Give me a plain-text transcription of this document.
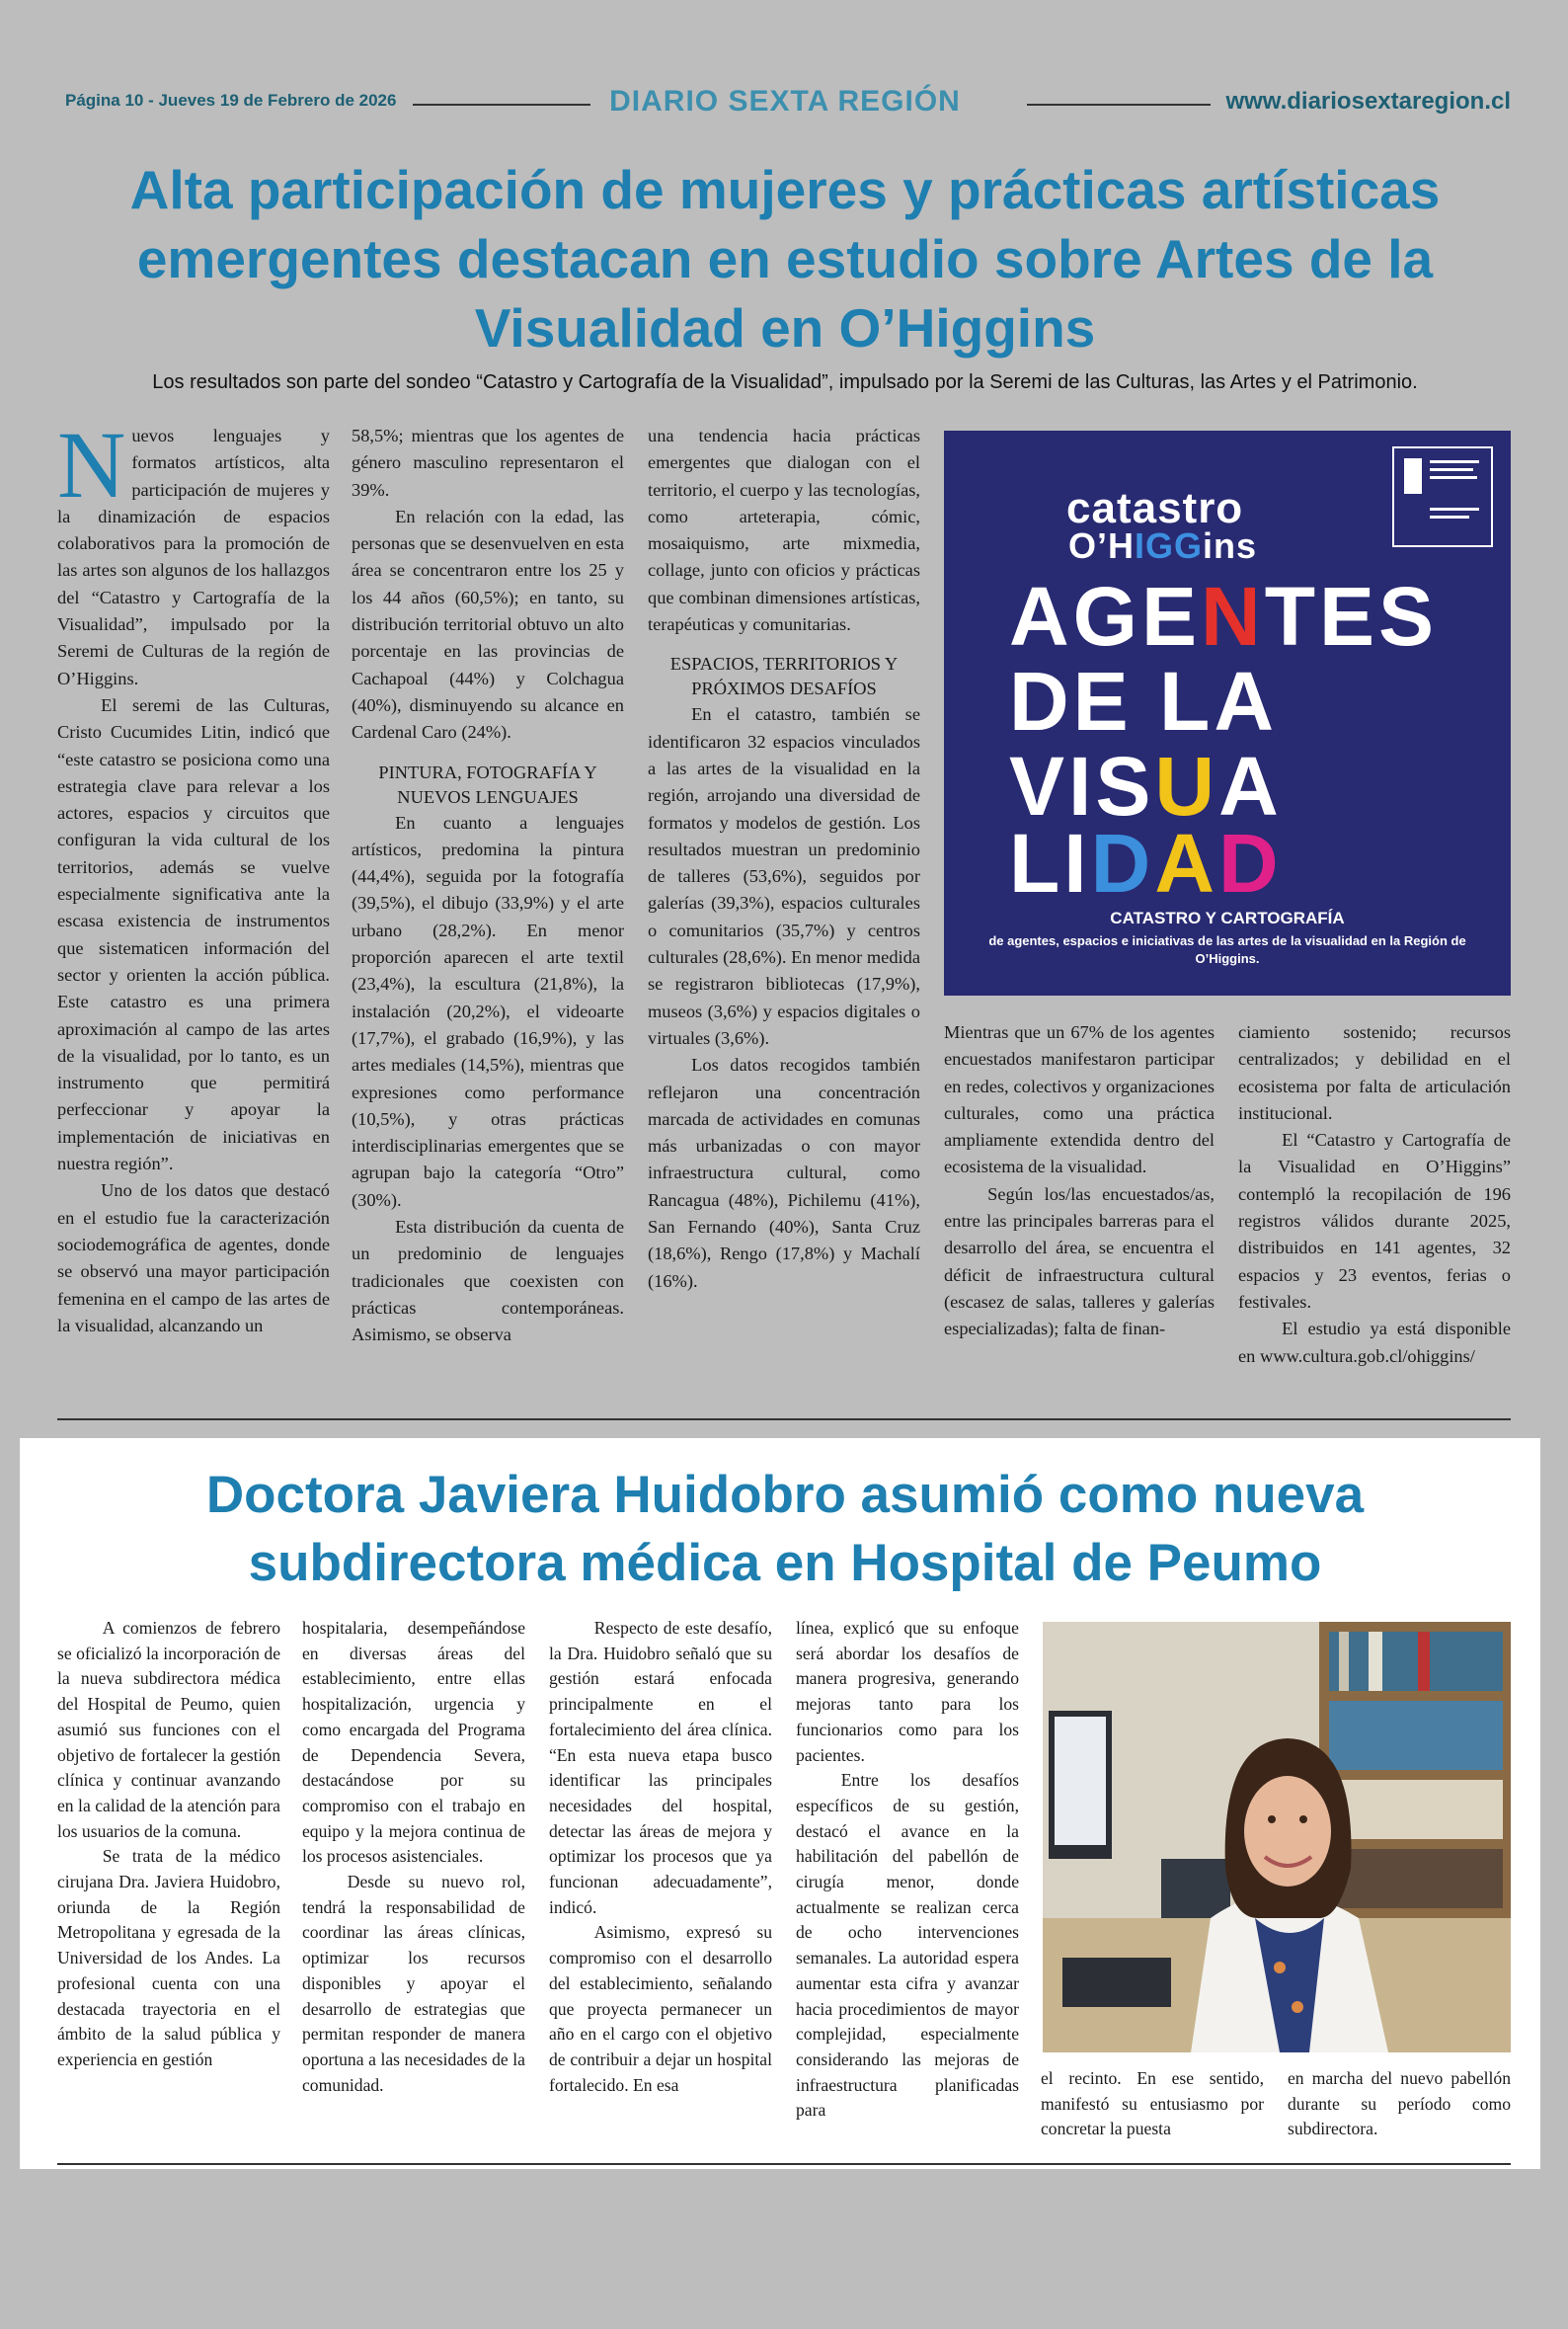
Página 10 - Jueves 19 de Febrero de 2026	DIARIO SEXTA REGIÓN	www.diariosextaregion.cl
Alta participación de mujeres y prácticas artísticas emergentes destacan en estudio sobre Artes de la Visualidad en O’Higgins
Los resultados son parte del sondeo “Catastro y Cartografía de la Visualidad”, impulsado por la Seremi de las Culturas, las Artes y el Patrimonio.

Nuevos lenguajes y formatos artísticos, alta participación de mujeres y la dinamización de espacios colaborativos para la promoción de las artes son algunos de los hallazgos del “Catastro y Cartografía de la Visualidad”, impulsado por la Seremi de Culturas de la región de O’Higgins.

El seremi de las Culturas, Cristo Cucumides Litin, indicó que “este catastro se posiciona como una estrategia clave para relevar a los actores, espacios y circuitos que configuran la vida cultural de los territorios, además se vuelve especialmente significativa ante la escasa existencia de instrumentos que sistematicen información del sector y orienten la acción pública. Este catastro es una primera aproximación al campo de las artes de la visualidad, por lo tanto, es un instrumento que permitirá perfeccionar y apoyar la implementación de iniciativas en nuestra región”.

Uno de los datos que destacó en el estudio fue la caracterización sociodemográfica de agentes, donde se observó una mayor participación femenina en el campo de las artes de la visualidad, alcanzando un

58,5%; mientras que los agentes de género masculino representaron el 39%.

En relación con la edad, las personas que se desenvuelven en esta área se concentraron entre los 25 y los 44 años (60,5%); en tanto, su distribución territorial obtuvo un alto porcentaje en las provincias de Cachapoal (44%) y Colchagua (40%), disminuyendo su alcance en Cardenal Caro (24%).

PINTURA, FOTOGRAFÍA Y NUEVOS LENGUAJES

En cuanto a lenguajes artísticos, predomina la pintura (44,4%), seguida por la fotografía (39,5%), el dibujo (33,9%) y el arte urbano (28,2%). En menor proporción aparecen el arte textil (23,4%), la escultura (21,8%), la instalación (20,2%), el videoarte (17,7%), el grabado (16,9%), y las artes mediales (14,5%), mientras que expresiones como performance (10,5%), y otras prácticas interdisciplinarias emergentes que se agrupan bajo la categoría “Otro” (30%).

Esta distribución da cuenta de un predominio de lenguajes tradicionales que coexisten con prácticas contemporáneas. Asimismo, se observa

una tendencia hacia prácticas emergentes que dialogan con el territorio, el cuerpo y las tecnologías, como arteterapia, cómic, mosaiquismo, arte mixmedia, collage, junto con oficios y prácticas que combinan dimensiones artísticas, terapéuticas y comunitarias.

ESPACIOS, TERRITORIOS Y PRÓXIMOS DESAFÍOS

En el catastro, también se identificaron 32 espacios vinculados a las artes de la visualidad en la región, arrojando una diversidad de formatos y modelos de gestión. Los resultados muestran un predominio de talleres (53,6%), seguidos por galerías (39,3%), espacios culturales o comunitarios (35,7%) y centros culturales (28,6%). En menor medida se registraron bibliotecas (17,9%), museos (3,6%) y espacios digitales o virtuales (3,6%).

Los datos recogidos también reflejaron una concentración marcada de actividades en comunas más urbanizadas o con mayor infraestructura cultural, como Rancagua (48%), Pichilemu (41%), San Fernando (40%), Santa Cruz (18,6%), Rengo (17,8%) y Machalí (16%).

catastro
O’HIGGins
AGENTES
DE LA
VISUA
LIDAD
CATASTRO Y CARTOGRAFÍA
de agentes, espacios e iniciativas de las artes de la visualidad en la Región de O’Higgins.

Mientras que un 67% de los agentes encuestados manifestaron participar en redes, colectivos y organizaciones culturales, como una práctica ampliamente extendida dentro del ecosistema de la visualidad.

Según los/las encuestados/as, entre las principales barreras para el desarrollo del área, se encuentra el déficit de infraestructura cultural (escasez de salas, talleres y galerías especializadas); falta de finan-

ciamiento sostenido; recursos centralizados; y debilidad en el ecosistema por falta de articulación institucional.

El “Catastro y Cartografía de la Visualidad en O’Higgins” contempló la recopilación de 196 registros válidos durante 2025, distribuidos en 141 agentes, 32 espacios y 23 eventos, ferias o festivales.

El estudio ya está disponible en www.cultura.gob.cl/ohiggins/

Doctora Javiera Huidobro asumió como nueva subdirectora médica en Hospital de Peumo

A comienzos de febrero se oficializó la incorporación de la nueva subdirectora médica del Hospital de Peumo, quien asumió sus funciones con el objetivo de fortalecer la gestión clínica y continuar avanzando en la calidad de la atención para los usuarios de la comuna.

Se trata de la médico cirujana Dra. Javiera Huidobro, oriunda de la Región Metropolitana y egresada de la Universidad de los Andes. La profesional cuenta con una destacada trayectoria en el ámbito de la salud pública y experiencia en gestión

hospitalaria, desempeñándose en diversas áreas del establecimiento, entre ellas hospitalización, urgencia y como encargada del Programa de Dependencia Severa, destacándose por su compromiso con el trabajo en equipo y la mejora continua de los procesos asistenciales.

Desde su nuevo rol, tendrá la responsabilidad de coordinar las áreas clínicas, optimizar los recursos disponibles y apoyar el desarrollo de estrategias que permitan responder de manera oportuna a las necesidades de la comunidad.

Respecto de este desafío, la Dra. Huidobro señaló que su gestión estará enfocada principalmente en el fortalecimiento del área clínica. “En esta nueva etapa busco identificar las principales necesidades del hospital, detectar las áreas de mejora y optimizar los procesos que ya funcionan adecuadamente”, indicó.

Asimismo, expresó su compromiso con el desarrollo del establecimiento, señalando que proyecta permanecer un año en el cargo con el objetivo de contribuir a dejar un hospital fortalecido. En esa

línea, explicó que su enfoque será abordar los desafíos de manera progresiva, generando mejoras tanto para los funcionarios como para los pacientes.

Entre los desafíos específicos de su gestión, destacó el avance en la habilitación del pabellón de cirugía menor, donde actualmente se realizan cerca de ocho intervenciones semanales. La autoridad espera aumentar esta cifra y avanzar hacia procedimientos de mayor complejidad, especialmente considerando las mejoras de infraestructura planificadas para

el recinto. En ese sentido, manifestó su entusiasmo por concretar la puesta

en marcha del nuevo pabellón durante su período como subdirectora.
